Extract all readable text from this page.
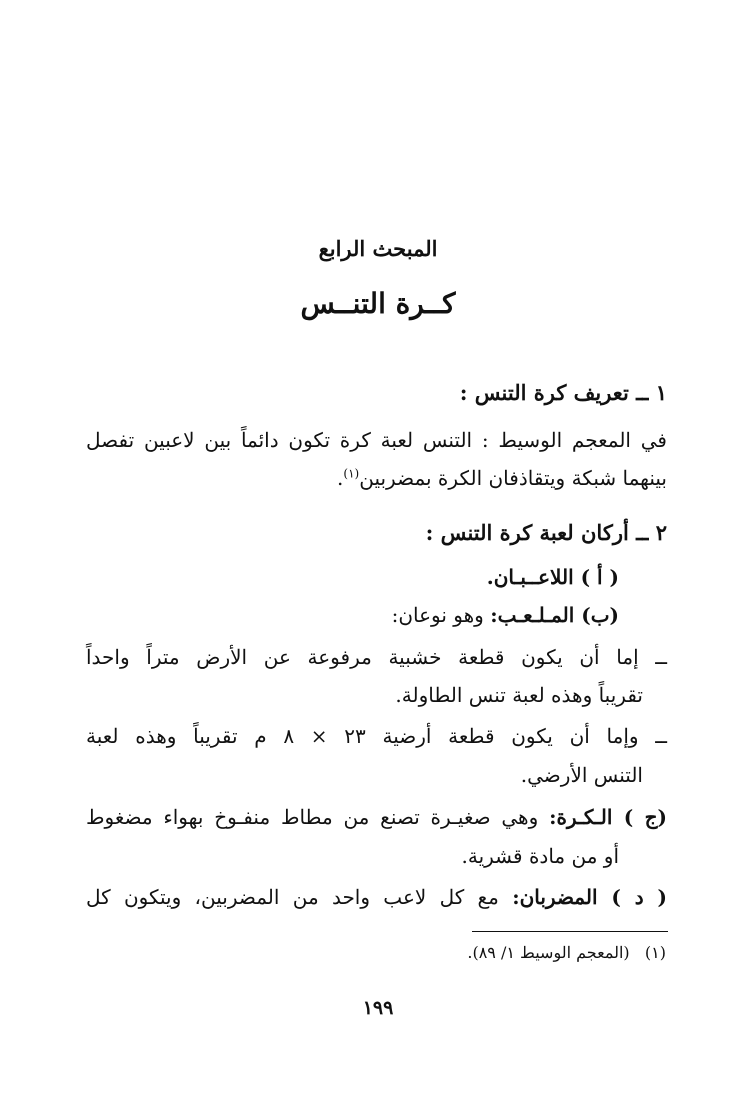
المبحث الرابع
كــرة التنــس
١ ــ تعريف كرة التنس :
في المعجم الوسيط : التنس لعبة كرة تكون دائماً بين لاعبين تفصل
بينهما شبكة ويتقاذفان الكرة بمضربين$^{(١)}$.
٢ ــ أركان لعبة كرة التنس :
( أ ) اللاعــبـان.
(ب) المـلـعـب: وهو نوعان:
ــ إما أن يكون قطعة خشبية مرفوعة عن الأرض متراً واحداً
تقريباً وهذه لعبة تنس الطاولة.
ــ وإما أن يكون قطعة أرضية ٢٣ × ٨ م تقريباً وهذه لعبة
التنس الأرضي.
(ج ) الـكـرة: وهي صغيـرة تصنع من مطاط منفـوخ بهواء مضغوط
أو من مادة قشرية.
( د ) المضربان: مع كل لاعب واحد من المضربين، ويتكون كل
(١)   (المعجم الوسيط ١/ ٨٩).
١٩٩
